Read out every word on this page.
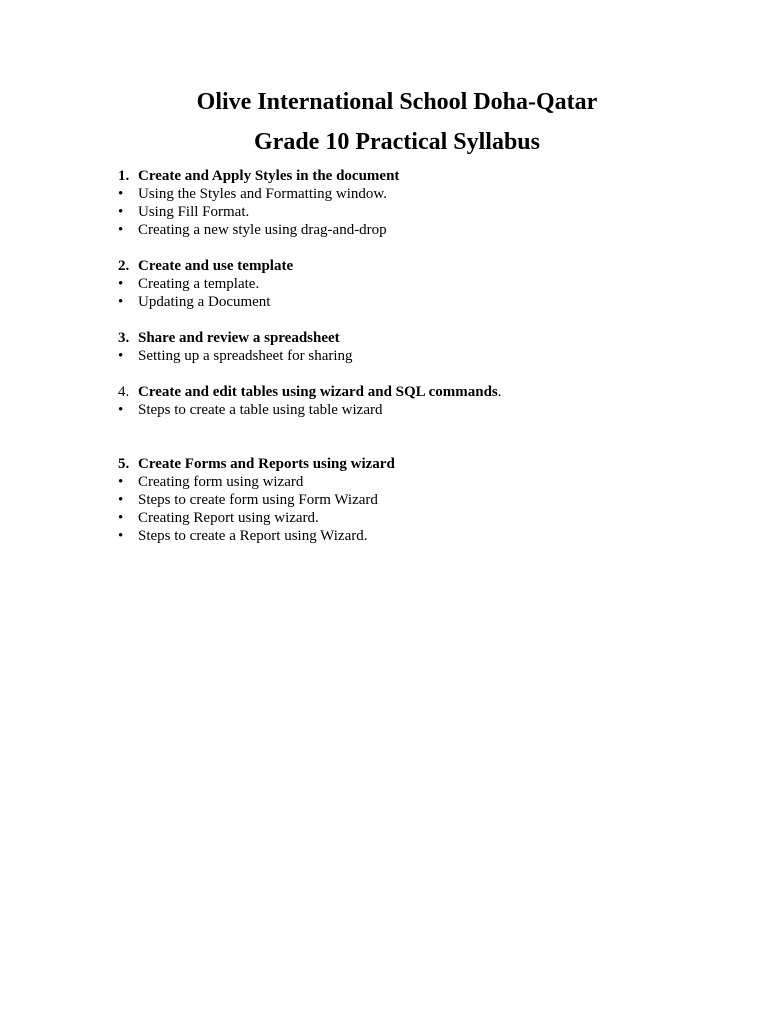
Olive International School Doha-Qatar
Grade 10 Practical Syllabus
1. Create and Apply Styles in the document
• Using the Styles and Formatting window.
• Using Fill Format.
• Creating a new style using drag-and-drop
2. Create and use template
• Creating a template.
• Updating a Document
3. Share and review a spreadsheet
• Setting up a spreadsheet for sharing
4. Create and edit tables using wizard and SQL commands.
• Steps to create a table using table wizard
5. Create Forms and Reports using wizard
• Creating form using wizard
• Steps to create form using Form Wizard
• Creating Report using wizard.
• Steps to create a Report using Wizard.
